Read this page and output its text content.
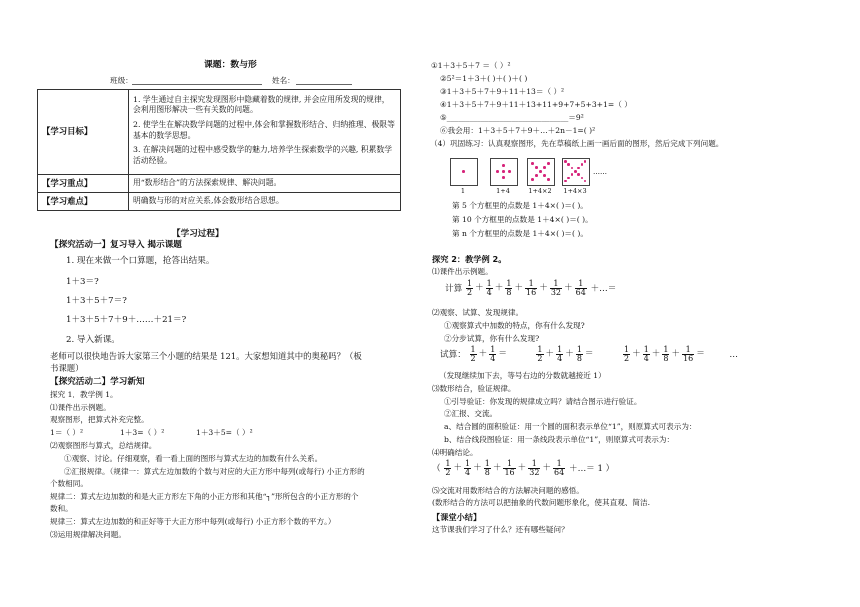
课题：数与形
班级：	姓名：
【学习目标】	1. 学生通过自主探究发现图形中隐藏着数的规律, 并会应用所发现的规律，会利用图形解决一些有关数的问题。

2. 使学生在解决数学问题的过程中,体会和掌握数形结合、归纳推理、极限等基本的数学思想。

3. 在解决问题的过程中感受数学的魅力,培养学生探索数学的兴趣, 积累数学活动经验。

【学习重点】	用“数形结合”的方法探索规律、解决问题。
【学习难点】	明确数与形的对应关系,体会数形结合思想。
【学习过程】
【探究活动一】复习导入 揭示课题
1. 现在来做一个口算题，抢答出结果。
1＋3＝?
1＋3＋5＋7＝?
1＋3＋5＋7＋9＋……＋21＝?
2. 导入新课。
老师可以很快地告诉大家第三个小题的结果是 121。大家想知道其中的奥秘吗？（板
书课题）
【探究活动二】学习新知
探究 1．教学例 1。
⑴课件出示例题。
观察图形，把算式补充完整。
1＝（ ）²	1＋3=（ ）²	1＋3＋5=（ ）²
⑵观察图形与算式，总结规律。
①观察、讨论。仔细观察，看一看上面的图形与算式左边的加数有什么关系。
②汇报规律。（规律一：算式左边加数的个数与对应的大正方形中每列(或每行) 小正方形的
个数相同。
规律二：算式左边加数的和是大正方形左下角的小正方形和其他“┐”形所包含的小正方形的个
数和。
规律三：算式左边加数的和正好等于大正方形中每列(或每行) 小正方形个数的平方。）
⑶运用规律解决问题。
①1＋3＋5＋7 ＝（ ）²
②5²＝1＋3＋( )＋( )＋( )
③1＋3＋5＋7＋9＋11＋13＝（ ）²
④1＋3＋5＋7＋9＋11＋13+11+9+7+5+3+1=（ ）
⑤________________________________＝9²
⑥我会用：1＋3＋5＋7＋9＋…＋2n－1=( )²
（4）巩固练习：认真观察图形，先在草稿纸上画一画后面的图形，然后完成下列问题。
……
1	1+4	1+4×2	1+4×3
第 5 个方框里的点数是 1＋4×( )＝( )。
第 10 个方框里的点数是 1＋4×( )＝( )。
第 n 个方框里的点数是 1＋4×( )＝( )。
探究 2：教学例 2。
⑴课件出示例题。
计算 $\frac{1}{2} + \frac{1}{4} + \frac{1}{8} + \frac{1}{16} + \frac{1}{32} + \frac{1}{64}$ ＋…＝
⑵观察、试算、发现规律。
①观察算式中加数的特点，你有什么发现?
②分步试算，你有什么发现?
试算： $\frac{1}{2} + \frac{1}{4}$ ＝	$\frac{1}{2} + \frac{1}{4} + \frac{1}{8}$ ＝	$\frac{1}{2} + \frac{1}{4} + \frac{1}{8} + \frac{1}{16}$ ＝	…
（发现继续加下去，等号右边的分数就越接近 1）
⑶数形结合，验证规律。
①引导验证：你发现的规律成立吗？请结合图示进行验证。
②汇报、交流。
a、结合圆的面积验证：用一个圆的面积表示单位“1”，则原算式可表示为：
b、结合线段图验证：用一条线段表示单位“1”，则原算式可表示为：
⑷明确结论。
（ $\frac{1}{2} + \frac{1}{4} + \frac{1}{8} + \frac{1}{16} + \frac{1}{32} + \frac{1}{64}$ ＋…＝ 1 ）
⑸交流对用数形结合的方法解决问题的感悟。
(数形结合的方法可以把抽象的代数问题形象化，使其直观、简洁.
【课堂小结】
这节课我们学习了什么？还有哪些疑问？
